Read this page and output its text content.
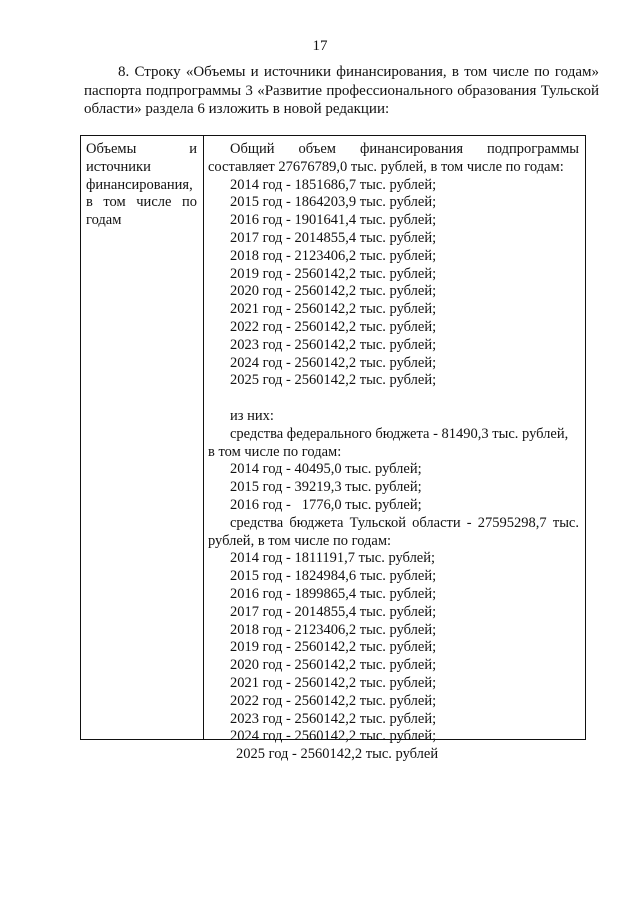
17
8. Строку «Объемы и источники финансирования, в том числе по годам»
паспорта подпрограммы 3 «Развитие профессионального образования Тульской
области» раздела 6 изложить в новой редакции:
Объемы и
источники
финансирования,
в том числе по
годам
Общий объем финансирования подпрограммы
составляет 27676789,0 тыс. рублей, в том числе по годам:
2014 год - 1851686,7 тыс. рублей;
2015 год - 1864203,9 тыс. рублей;
2016 год - 1901641,4 тыс. рублей;
2017 год - 2014855,4 тыс. рублей;
2018 год - 2123406,2 тыс. рублей;
2019 год - 2560142,2 тыс. рублей;
2020 год - 2560142,2 тыс. рублей;
2021 год - 2560142,2 тыс. рублей;
2022 год - 2560142,2 тыс. рублей;
2023 год - 2560142,2 тыс. рублей;
2024 год - 2560142,2 тыс. рублей;
2025 год - 2560142,2 тыс. рублей;
из них:
средства федерального бюджета - 81490,3 тыс. рублей,
в том числе по годам:
2014 год - 40495,0 тыс. рублей;
2015 год - 39219,3 тыс. рублей;
2016 год -   1776,0 тыс. рублей;
средства бюджета Тульской области - 27595298,7 тыс.
рублей, в том числе по годам:
2014 год - 1811191,7 тыс. рублей;
2015 год - 1824984,6 тыс. рублей;
2016 год - 1899865,4 тыс. рублей;
2017 год - 2014855,4 тыс. рублей;
2018 год - 2123406,2 тыс. рублей;
2019 год - 2560142,2 тыс. рублей;
2020 год - 2560142,2 тыс. рублей;
2021 год - 2560142,2 тыс. рублей;
2022 год - 2560142,2 тыс. рублей;
2023 год - 2560142,2 тыс. рублей;
2024 год - 2560142,2 тыс. рублей;
2025 год - 2560142,2 тыс. рублей
